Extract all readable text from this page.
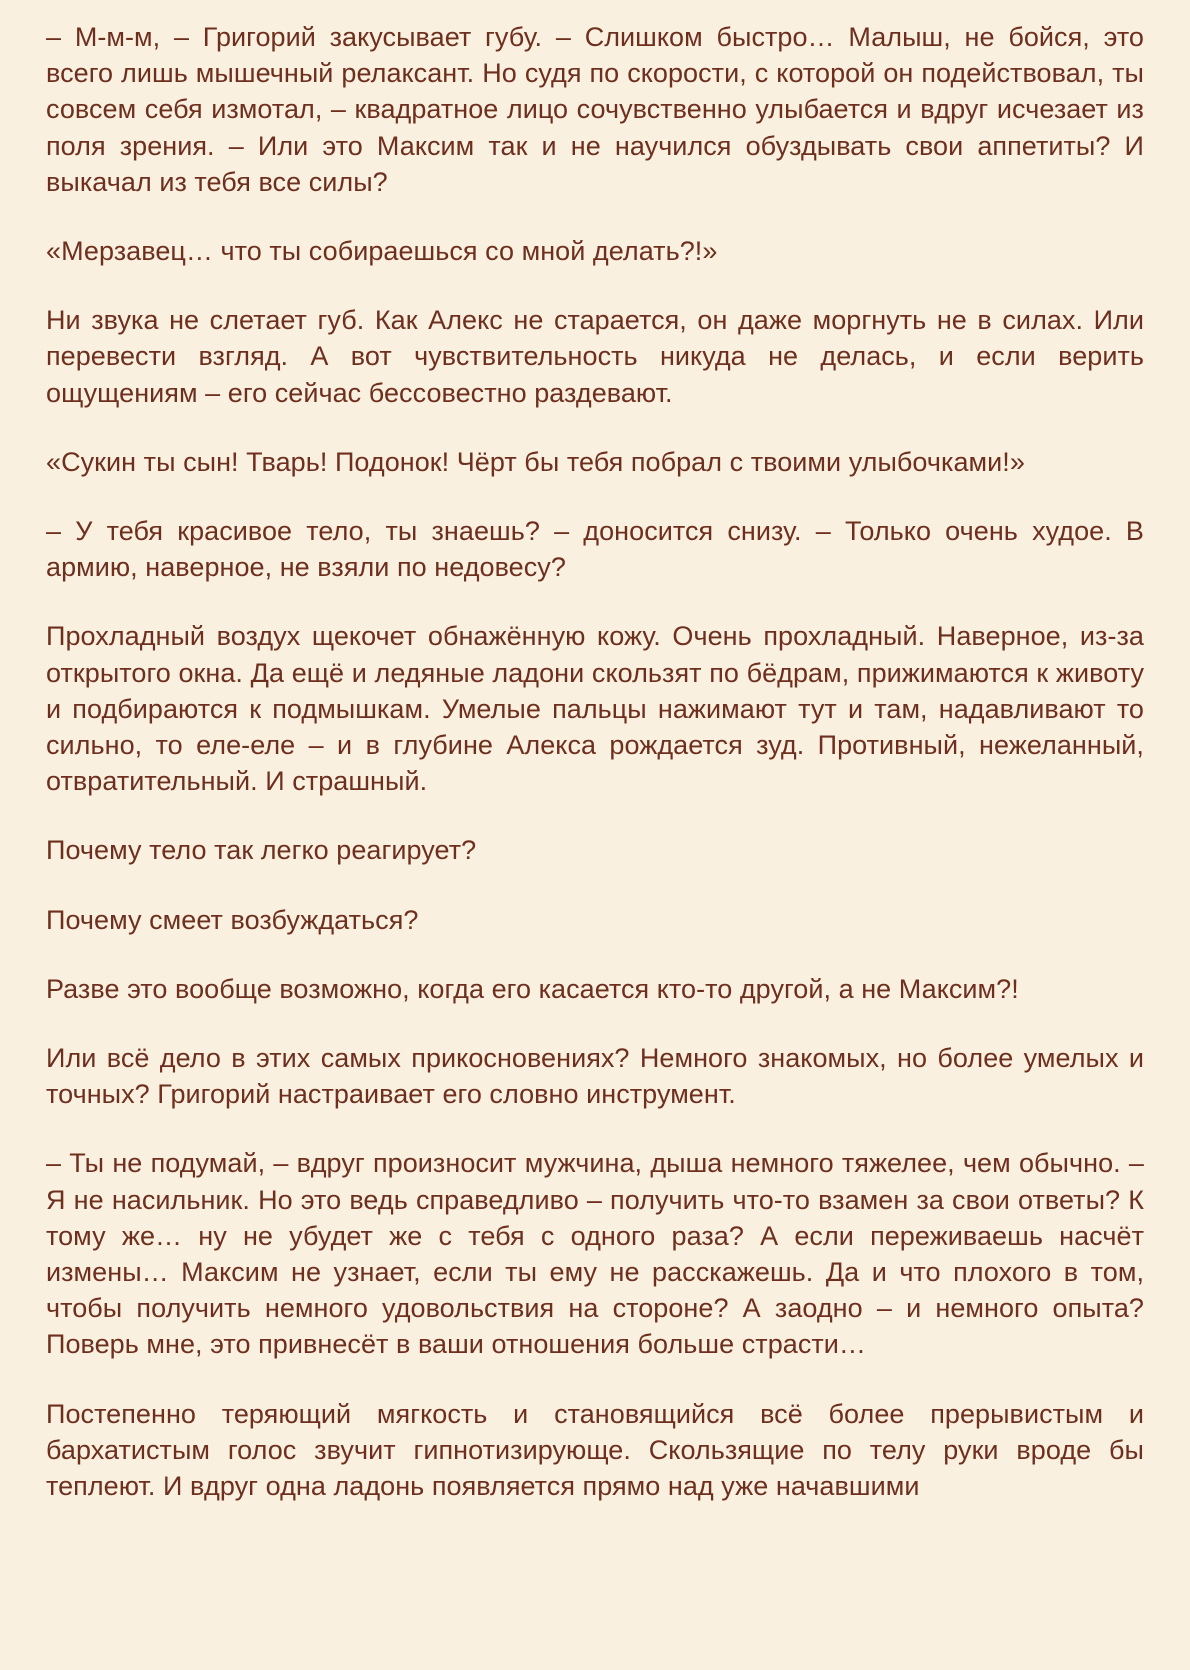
– М-м-м, – Григорий закусывает губу. – Слишком быстро… Малыш, не бойся, это всего лишь мышечный релаксант. Но судя по скорости, с которой он подействовал, ты совсем себя измотал, – квадратное лицо сочувственно улыбается и вдруг исчезает из поля зрения. – Или это Максим так и не научился обуздывать свои аппетиты? И выкачал из тебя все силы?

«Мерзавец… что ты собираешься со мной делать?!»

Ни звука не слетает губ. Как Алекс не старается, он даже моргнуть не в силах. Или перевести взгляд. А вот чувствительность никуда не делась, и если верить ощущениям – его сейчас бессовестно раздевают.

«Сукин ты сын! Тварь! Подонок! Чёрт бы тебя побрал с твоими улыбочками!»

– У тебя красивое тело, ты знаешь? – доносится снизу. – Только очень худое. В армию, наверное, не взяли по недовесу?

Прохладный воздух щекочет обнажённую кожу. Очень прохладный. Наверное, из-за открытого окна. Да ещё и ледяные ладони скользят по бёдрам, прижимаются к животу и подбираются к подмышкам. Умелые пальцы нажимают тут и там, надавливают то сильно, то еле-еле – и в глубине Алекса рождается зуд. Противный, нежеланный, отвратительный. И страшный.

Почему тело так легко реагирует?

Почему смеет возбуждаться?

Разве это вообще возможно, когда его касается кто-то другой, а не Максим?!

Или всё дело в этих самых прикосновениях? Немного знакомых, но более умелых и точных? Григорий настраивает его словно инструмент.

– Ты не подумай, – вдруг произносит мужчина, дыша немного тяжелее, чем обычно. – Я не насильник. Но это ведь справедливо – получить что-то взамен за свои ответы? К тому же… ну не убудет же с тебя с одного раза? А если переживаешь насчёт измены… Максим не узнает, если ты ему не расскажешь. Да и что плохого в том, чтобы получить немного удовольствия на стороне? А заодно – и немного опыта? Поверь мне, это привнесёт в ваши отношения больше страсти…

Постепенно теряющий мягкость и становящийся всё более прерывистым и бархатистым голос звучит гипнотизирующе. Скользящие по телу руки вроде бы теплеют. И вдруг одна ладонь появляется прямо над уже начавшими
